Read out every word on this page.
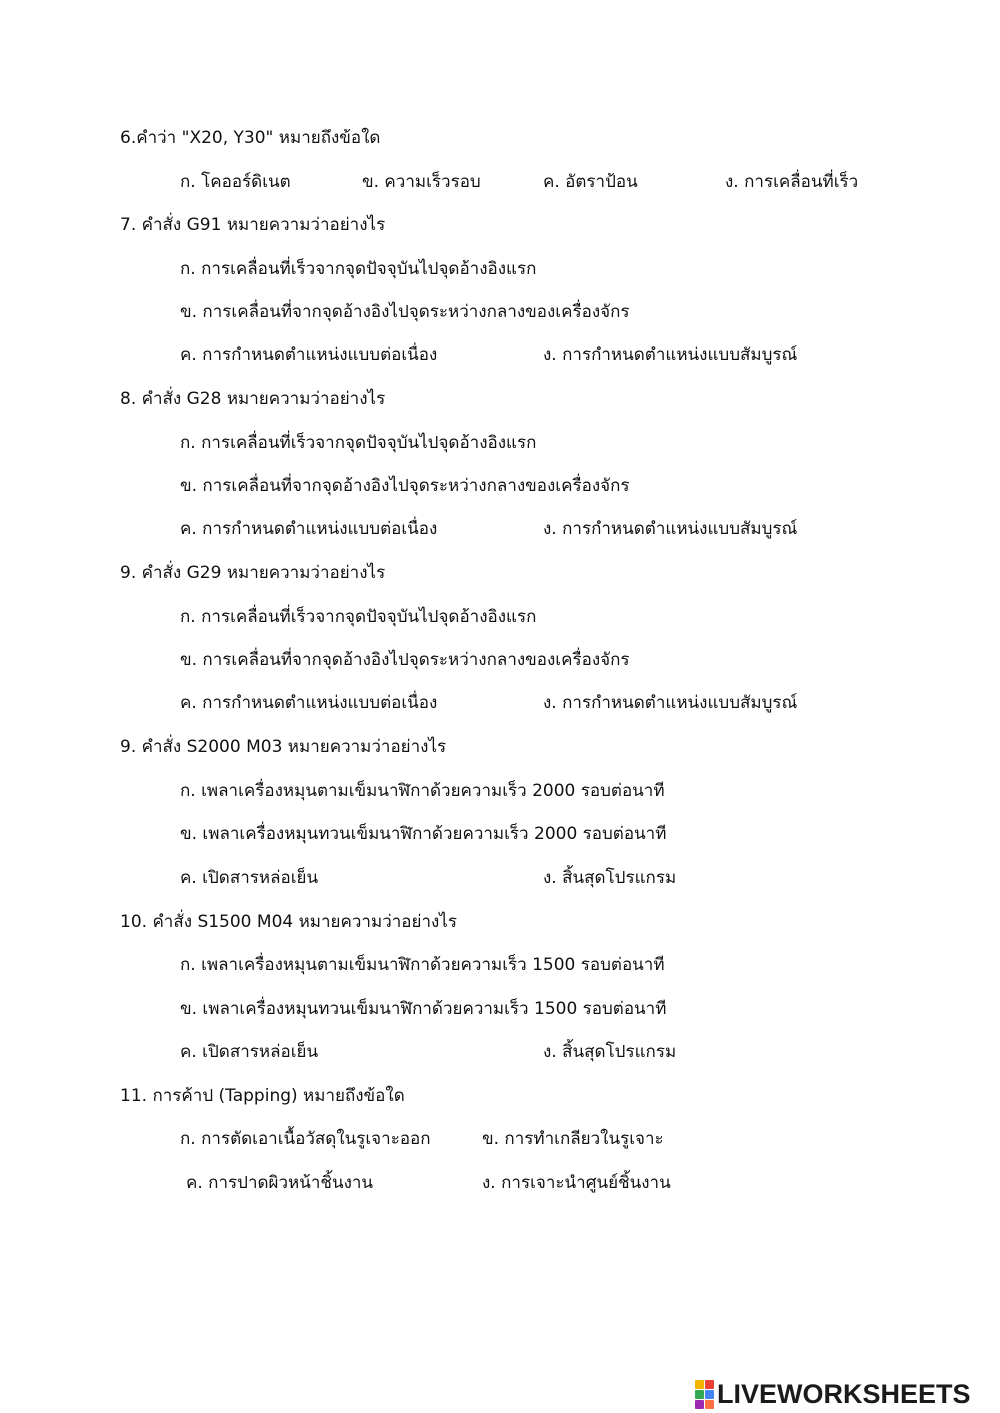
6.คำว่า "X20, Y30" หมายถึงข้อใด
ก. โคออร์ดิเนต	ข. ความเร็วรอบ	ค. อัตราป้อน	ง. การเคลื่อนที่เร็ว
7. คำสั่ง G91 หมายความว่าอย่างไร
ก. การเคลื่อนที่เร็วจากจุดปัจจุบันไปจุดอ้างอิงแรก
ข. การเคลื่อนที่จากจุดอ้างอิงไปจุดระหว่างกลางของเครื่องจักร
ค. การกำหนดตำแหน่งแบบต่อเนื่อง	ง. การกำหนดตำแหน่งแบบสัมบูรณ์
8. คำสั่ง G28 หมายความว่าอย่างไร
ก. การเคลื่อนที่เร็วจากจุดปัจจุบันไปจุดอ้างอิงแรก
ข. การเคลื่อนที่จากจุดอ้างอิงไปจุดระหว่างกลางของเครื่องจักร
ค. การกำหนดตำแหน่งแบบต่อเนื่อง	ง. การกำหนดตำแหน่งแบบสัมบูรณ์
9. คำสั่ง G29 หมายความว่าอย่างไร
ก. การเคลื่อนที่เร็วจากจุดปัจจุบันไปจุดอ้างอิงแรก
ข. การเคลื่อนที่จากจุดอ้างอิงไปจุดระหว่างกลางของเครื่องจักร
ค. การกำหนดตำแหน่งแบบต่อเนื่อง	ง. การกำหนดตำแหน่งแบบสัมบูรณ์
9. คำสั่ง S2000 M03 หมายความว่าอย่างไร
ก. เพลาเครื่องหมุนตามเข็มนาฬิกาด้วยความเร็ว 2000 รอบต่อนาที
ข. เพลาเครื่องหมุนทวนเข็มนาฬิกาด้วยความเร็ว 2000 รอบต่อนาที
ค. เปิดสารหล่อเย็น	ง. สิ้นสุดโปรแกรม
10. คำสั่ง S1500 M04 หมายความว่าอย่างไร
ก. เพลาเครื่องหมุนตามเข็มนาฬิกาด้วยความเร็ว 1500 รอบต่อนาที
ข. เพลาเครื่องหมุนทวนเข็มนาฬิกาด้วยความเร็ว 1500 รอบต่อนาที
ค. เปิดสารหล่อเย็น	ง. สิ้นสุดโปรแกรม
11. การค้าป (Tapping) หมายถึงข้อใด
ก. การตัดเอาเนื้อวัสดุในรูเจาะออก	ข. การทำเกลียวในรูเจาะ
ค. การปาดผิวหน้าชิ้นงาน	ง. การเจาะนำศูนย์ชิ้นงาน
LIVEWORKSHEETS
